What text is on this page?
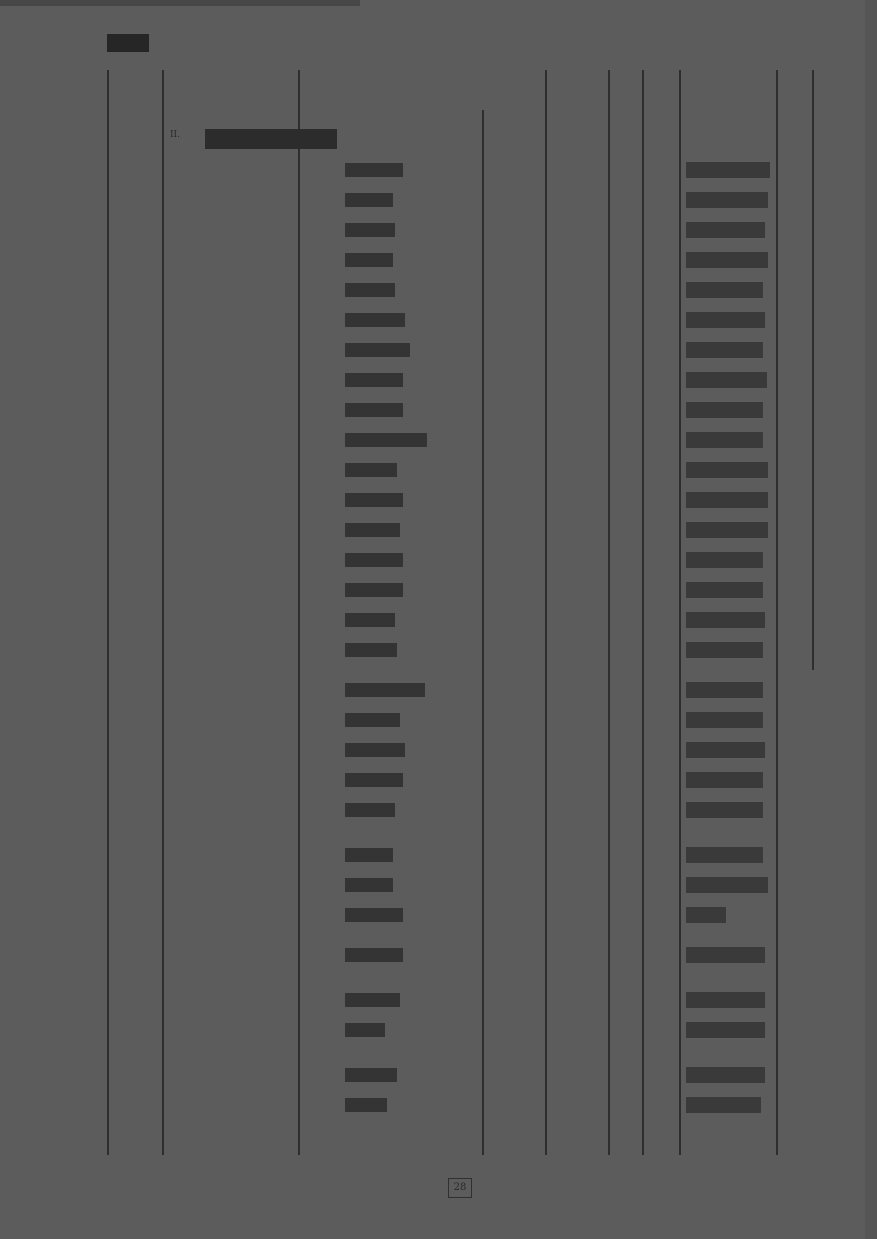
II.
28
